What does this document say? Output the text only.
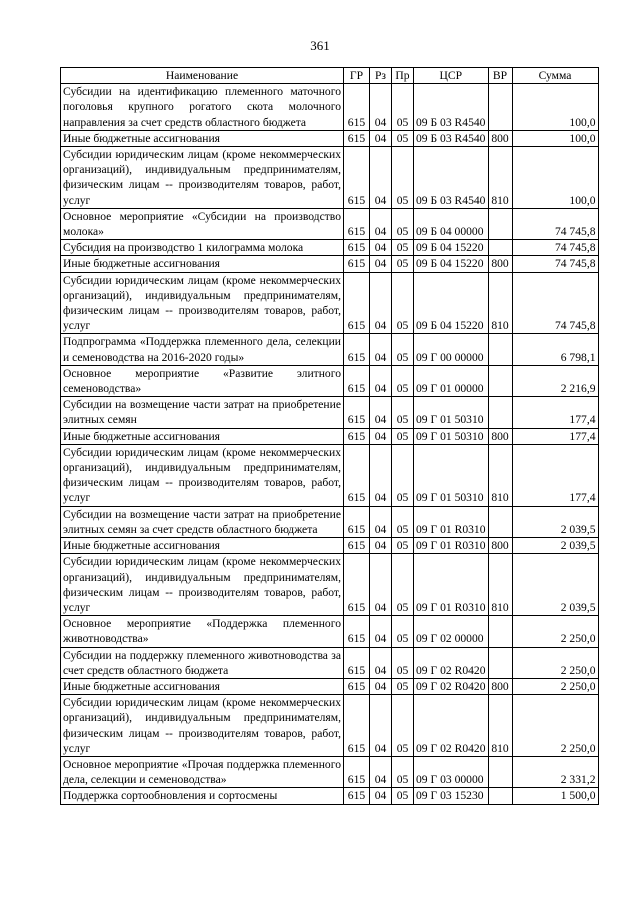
361
Наименование	ГР	Рз	Пр	ЦСР	ВР	Сумма
Субсидии на идентификацию племенного маточного поголовья крупного рогатого скота молочного направления за счет средств областного бюджета	615	04	05	09 Б 03 R4540		100,0
Иные бюджетные ассигнования	615	04	05	09 Б 03 R4540	800	100,0
Субсидии юридическим лицам (кроме некоммерческих организаций), индивидуальным предпринимателям, физическим лицам -- производителям товаров, работ, услуг	615	04	05	09 Б 03 R4540	810	100,0
Основное мероприятие «Субсидии на производство молока»	615	04	05	09 Б 04 00000		74 745,8
Субсидия на производство 1 килограмма молока	615	04	05	09 Б 04 15220		74 745,8
Иные бюджетные ассигнования	615	04	05	09 Б 04 15220	800	74 745,8
Субсидии юридическим лицам (кроме некоммерческих организаций), индивидуальным предпринимателям, физическим лицам -- производителям товаров, работ, услуг	615	04	05	09 Б 04 15220	810	74 745,8
Подпрограмма «Поддержка племенного дела, селекции и семеноводства на 2016-2020 годы»	615	04	05	09 Г 00 00000		6 798,1
Основное мероприятие «Развитие элитного семеноводства»	615	04	05	09 Г 01 00000		2 216,9
Субсидии на возмещение части затрат на приобретение элитных семян	615	04	05	09 Г 01 50310		177,4
Иные бюджетные ассигнования	615	04	05	09 Г 01 50310	800	177,4
Субсидии юридическим лицам (кроме некоммерческих организаций), индивидуальным предпринимателям, физическим лицам -- производителям товаров, работ, услуг	615	04	05	09 Г 01 50310	810	177,4
Субсидии на возмещение части затрат на приобретение элитных семян за счет средств областного бюджета	615	04	05	09 Г 01 R0310		2 039,5
Иные бюджетные ассигнования	615	04	05	09 Г 01 R0310	800	2 039,5
Субсидии юридическим лицам (кроме некоммерческих организаций), индивидуальным предпринимателям, физическим лицам -- производителям товаров, работ, услуг	615	04	05	09 Г 01 R0310	810	2 039,5
Основное мероприятие «Поддержка племенного животноводства»	615	04	05	09 Г 02 00000		2 250,0
Субсидии на поддержку племенного животноводства за счет средств областного бюджета	615	04	05	09 Г 02 R0420		2 250,0
Иные бюджетные ассигнования	615	04	05	09 Г 02 R0420	800	2 250,0
Субсидии юридическим лицам (кроме некоммерческих организаций), индивидуальным предпринимателям, физическим лицам -- производителям товаров, работ, услуг	615	04	05	09 Г 02 R0420	810	2 250,0
Основное мероприятие «Прочая поддержка племенного дела, селекции и семеноводства»	615	04	05	09 Г 03 00000		2 331,2
Поддержка сортообновления и сортосмены	615	04	05	09 Г 03 15230		1 500,0
